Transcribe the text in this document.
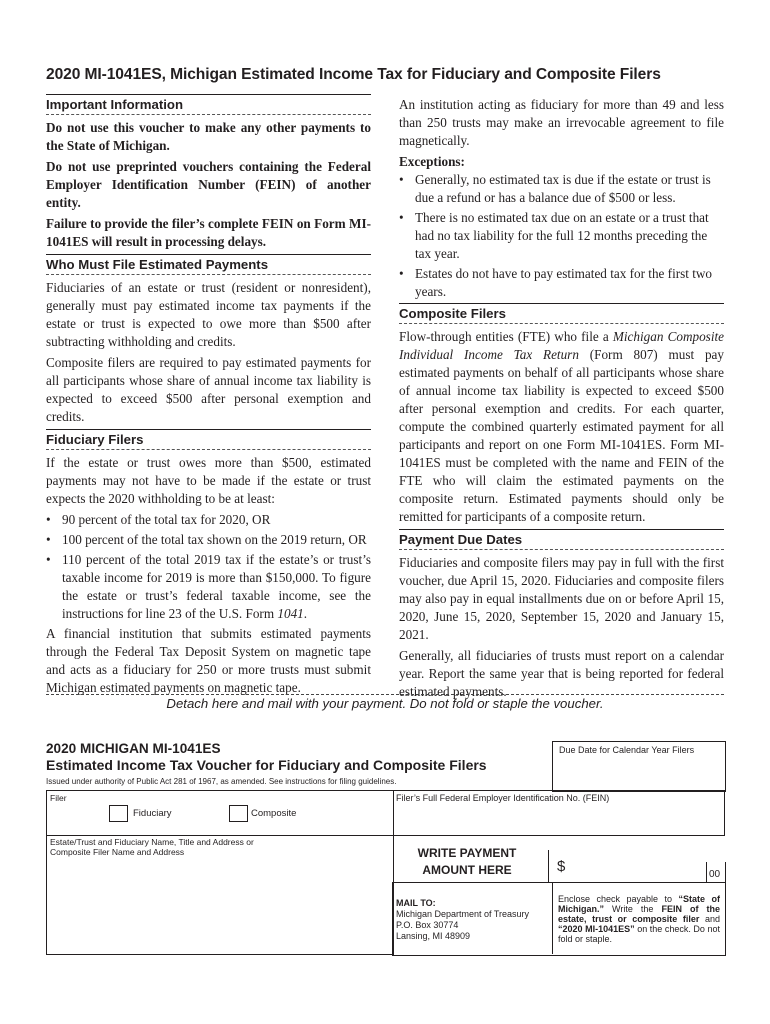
2020 MI-1041ES, Michigan Estimated Income Tax for Fiduciary and Composite Filers
Important Information

Do not use this voucher to make any other payments to the State of Michigan.

Do not use preprinted vouchers containing the Federal Employer Identification Number (FEIN) of another entity.

Failure to provide the filer’s complete FEIN on Form MI-1041ES will result in processing delays.

Who Must File Estimated Payments

Fiduciaries of an estate or trust (resident or nonresident), generally must pay estimated income tax payments if the estate or trust is expected to owe more than $500 after subtracting withholding and credits.

Composite filers are required to pay estimated payments for all participants whose share of annual income tax liability is expected to exceed $500 after personal exemption and credits.

Fiduciary Filers

If the estate or trust owes more than $500, estimated payments may not have to be made if the estate or trust expects the 2020 withholding to be at least:

• 90 percent of the total tax for 2020, OR
• 100 percent of the total tax shown on the 2019 return, OR
• 110 percent of the total 2019 tax if the estate’s or trust’s taxable income for 2019 is more than $150,000. To figure the estate or trust’s federal taxable income, see the instructions for line 23 of the U.S. Form 1041.

A financial institution that submits estimated payments through the Federal Tax Deposit System on magnetic tape and acts as a fiduciary for 250 or more trusts must submit Michigan estimated payments on magnetic tape.

An institution acting as fiduciary for more than 49 and less than 250 trusts may make an irrevocable agreement to file magnetically.

Exceptions:

• Generally, no estimated tax is due if the estate or trust is due a refund or has a balance due of $500 or less.
• There is no estimated tax due on an estate or a trust that had no tax liability for the full 12 months preceding the tax year.
• Estates do not have to pay estimated tax for the first two years.
Composite Filers

Flow-through entities (FTE) who file a Michigan Composite Individual Income Tax Return (Form 807) must pay estimated payments on behalf of all participants whose share of annual income tax liability is expected to exceed $500 after personal exemption and credits. For each quarter, compute the combined quarterly estimated payment for all participants and report on one Form MI-1041ES. Form MI-1041ES must be completed with the name and FEIN of the FTE who will claim the estimated payments on the composite return. Estimated payments should only be remitted for participants of a composite return.

Payment Due Dates

Fiduciaries and composite filers may pay in full with the first voucher, due April 15, 2020. Fiduciaries and composite filers may also pay in equal installments due on or before April 15, 2020, June 15, 2020, September 15, 2020 and January 15, 2021.

Generally, all fiduciaries of trusts must report on a calendar year. Report the same year that is being reported for federal estimated payments.

Detach here and mail with your payment. Do not fold or staple the voucher.
2020 MICHIGAN MI-1041ES
Estimated Income Tax Voucher for Fiduciary and Composite Filers
Issued under authority of Public Act 281 of 1967, as amended. See instructions for filing guidelines.
Due Date for Calendar Year Filers
Filer
Fiduciary	Composite
Filer’s Full Federal Employer Identification No. (FEIN)
Estate/Trust and Fiduciary Name, Title and Address or Composite Filer Name and Address	WRITE PAYMENT
AMOUNT HERE	$	00
MAIL TO:
Michigan Department of Treasury
P.O. Box 30774
Lansing, MI 48909
Enclose check payable to “State of Michigan.” Write the FEIN of the estate, trust or composite filer and “2020 MI-1041ES” on the check. Do not fold or staple.
